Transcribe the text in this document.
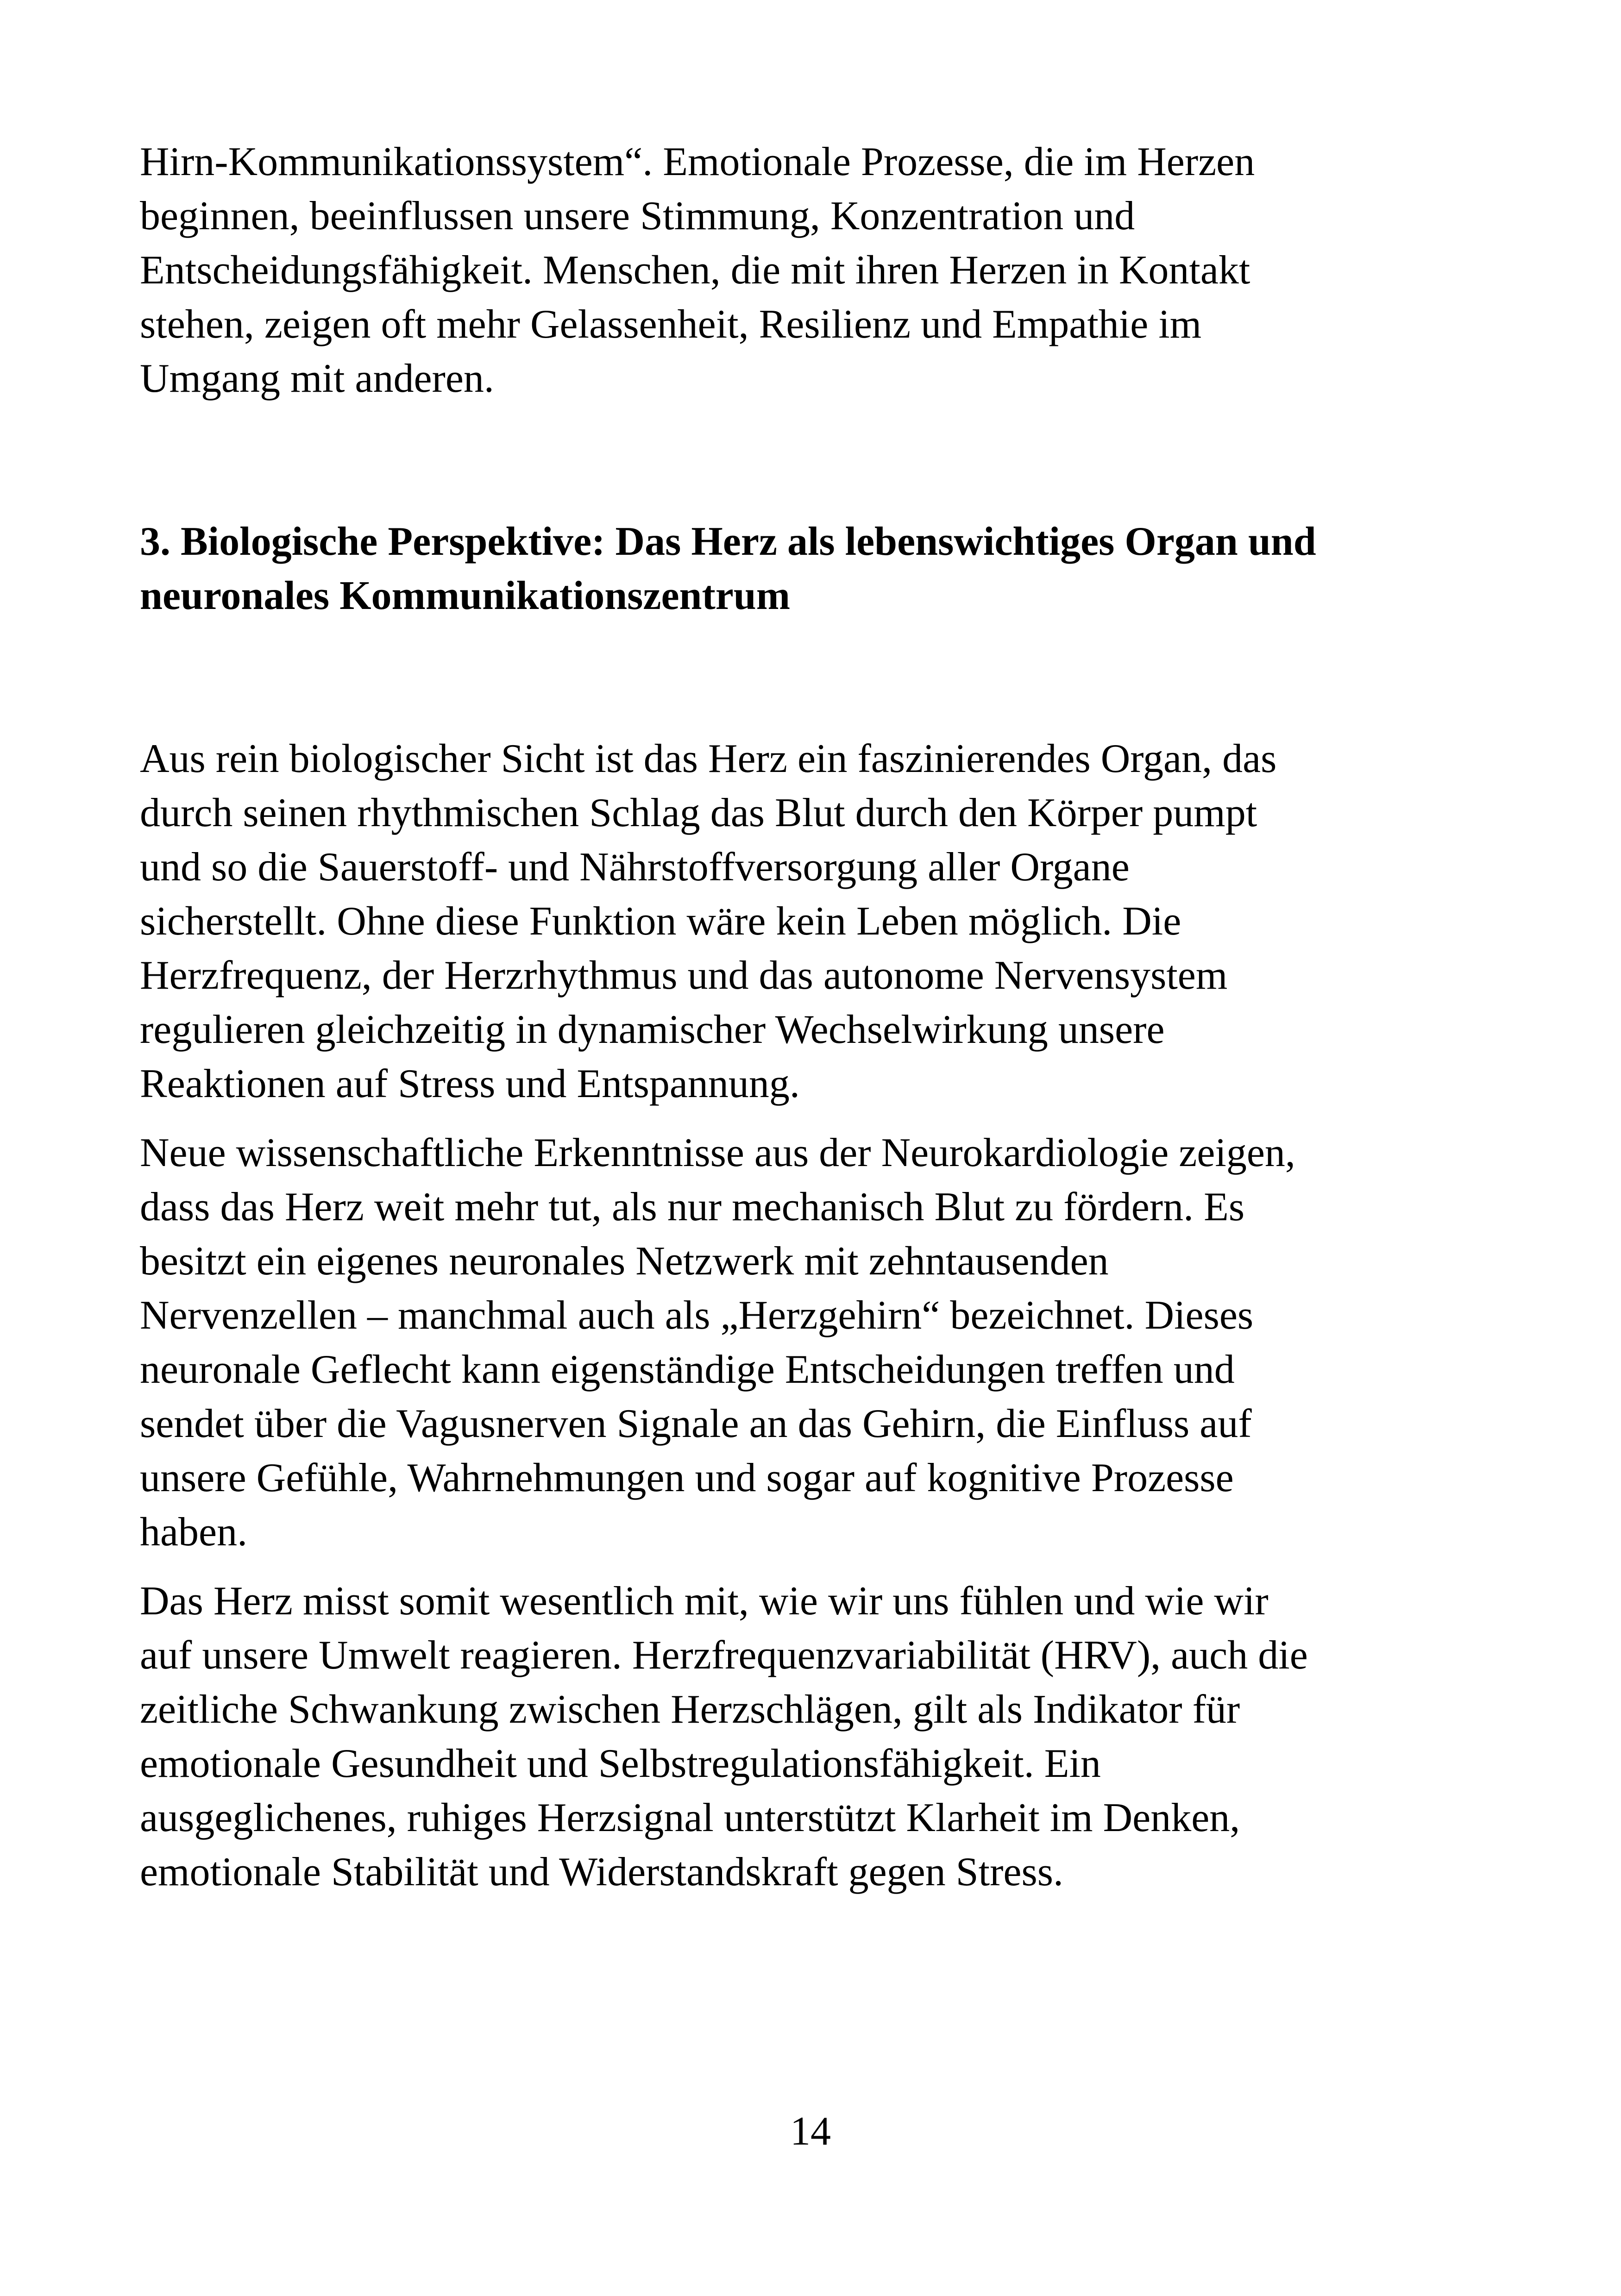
Hirn-Kommunikationssystem“. Emotionale Prozesse, die im Herzen
beginnen, beeinflussen unsere Stimmung, Konzentration und
Entscheidungsfähigkeit. Menschen, die mit ihren Herzen in Kontakt
stehen, zeigen oft mehr Gelassenheit, Resilienz und Empathie im
Umgang mit anderen.

3. Biologische Perspektive: Das Herz als lebenswichtiges Organ und
neuronales Kommunikationszentrum

Aus rein biologischer Sicht ist das Herz ein faszinierendes Organ, das
durch seinen rhythmischen Schlag das Blut durch den Körper pumpt
und so die Sauerstoff- und Nährstoffversorgung aller Organe
sicherstellt. Ohne diese Funktion wäre kein Leben möglich. Die
Herzfrequenz, der Herzrhythmus und das autonome Nervensystem
regulieren gleichzeitig in dynamischer Wechselwirkung unsere
Reaktionen auf Stress und Entspannung.

Neue wissenschaftliche Erkenntnisse aus der Neurokardiologie zeigen,
dass das Herz weit mehr tut, als nur mechanisch Blut zu fördern. Es
besitzt ein eigenes neuronales Netzwerk mit zehntausenden
Nervenzellen – manchmal auch als „Herzgehirn“ bezeichnet. Dieses
neuronale Geflecht kann eigenständige Entscheidungen treffen und
sendet über die Vagusnerven Signale an das Gehirn, die Einfluss auf
unsere Gefühle, Wahrnehmungen und sogar auf kognitive Prozesse
haben.

Das Herz misst somit wesentlich mit, wie wir uns fühlen und wie wir
auf unsere Umwelt reagieren. Herzfrequenzvariabilität (HRV), auch die
zeitliche Schwankung zwischen Herzschlägen, gilt als Indikator für
emotionale Gesundheit und Selbstregulationsfähigkeit. Ein
ausgeglichenes, ruhiges Herzsignal unterstützt Klarheit im Denken,
emotionale Stabilität und Widerstandskraft gegen Stress.

14
